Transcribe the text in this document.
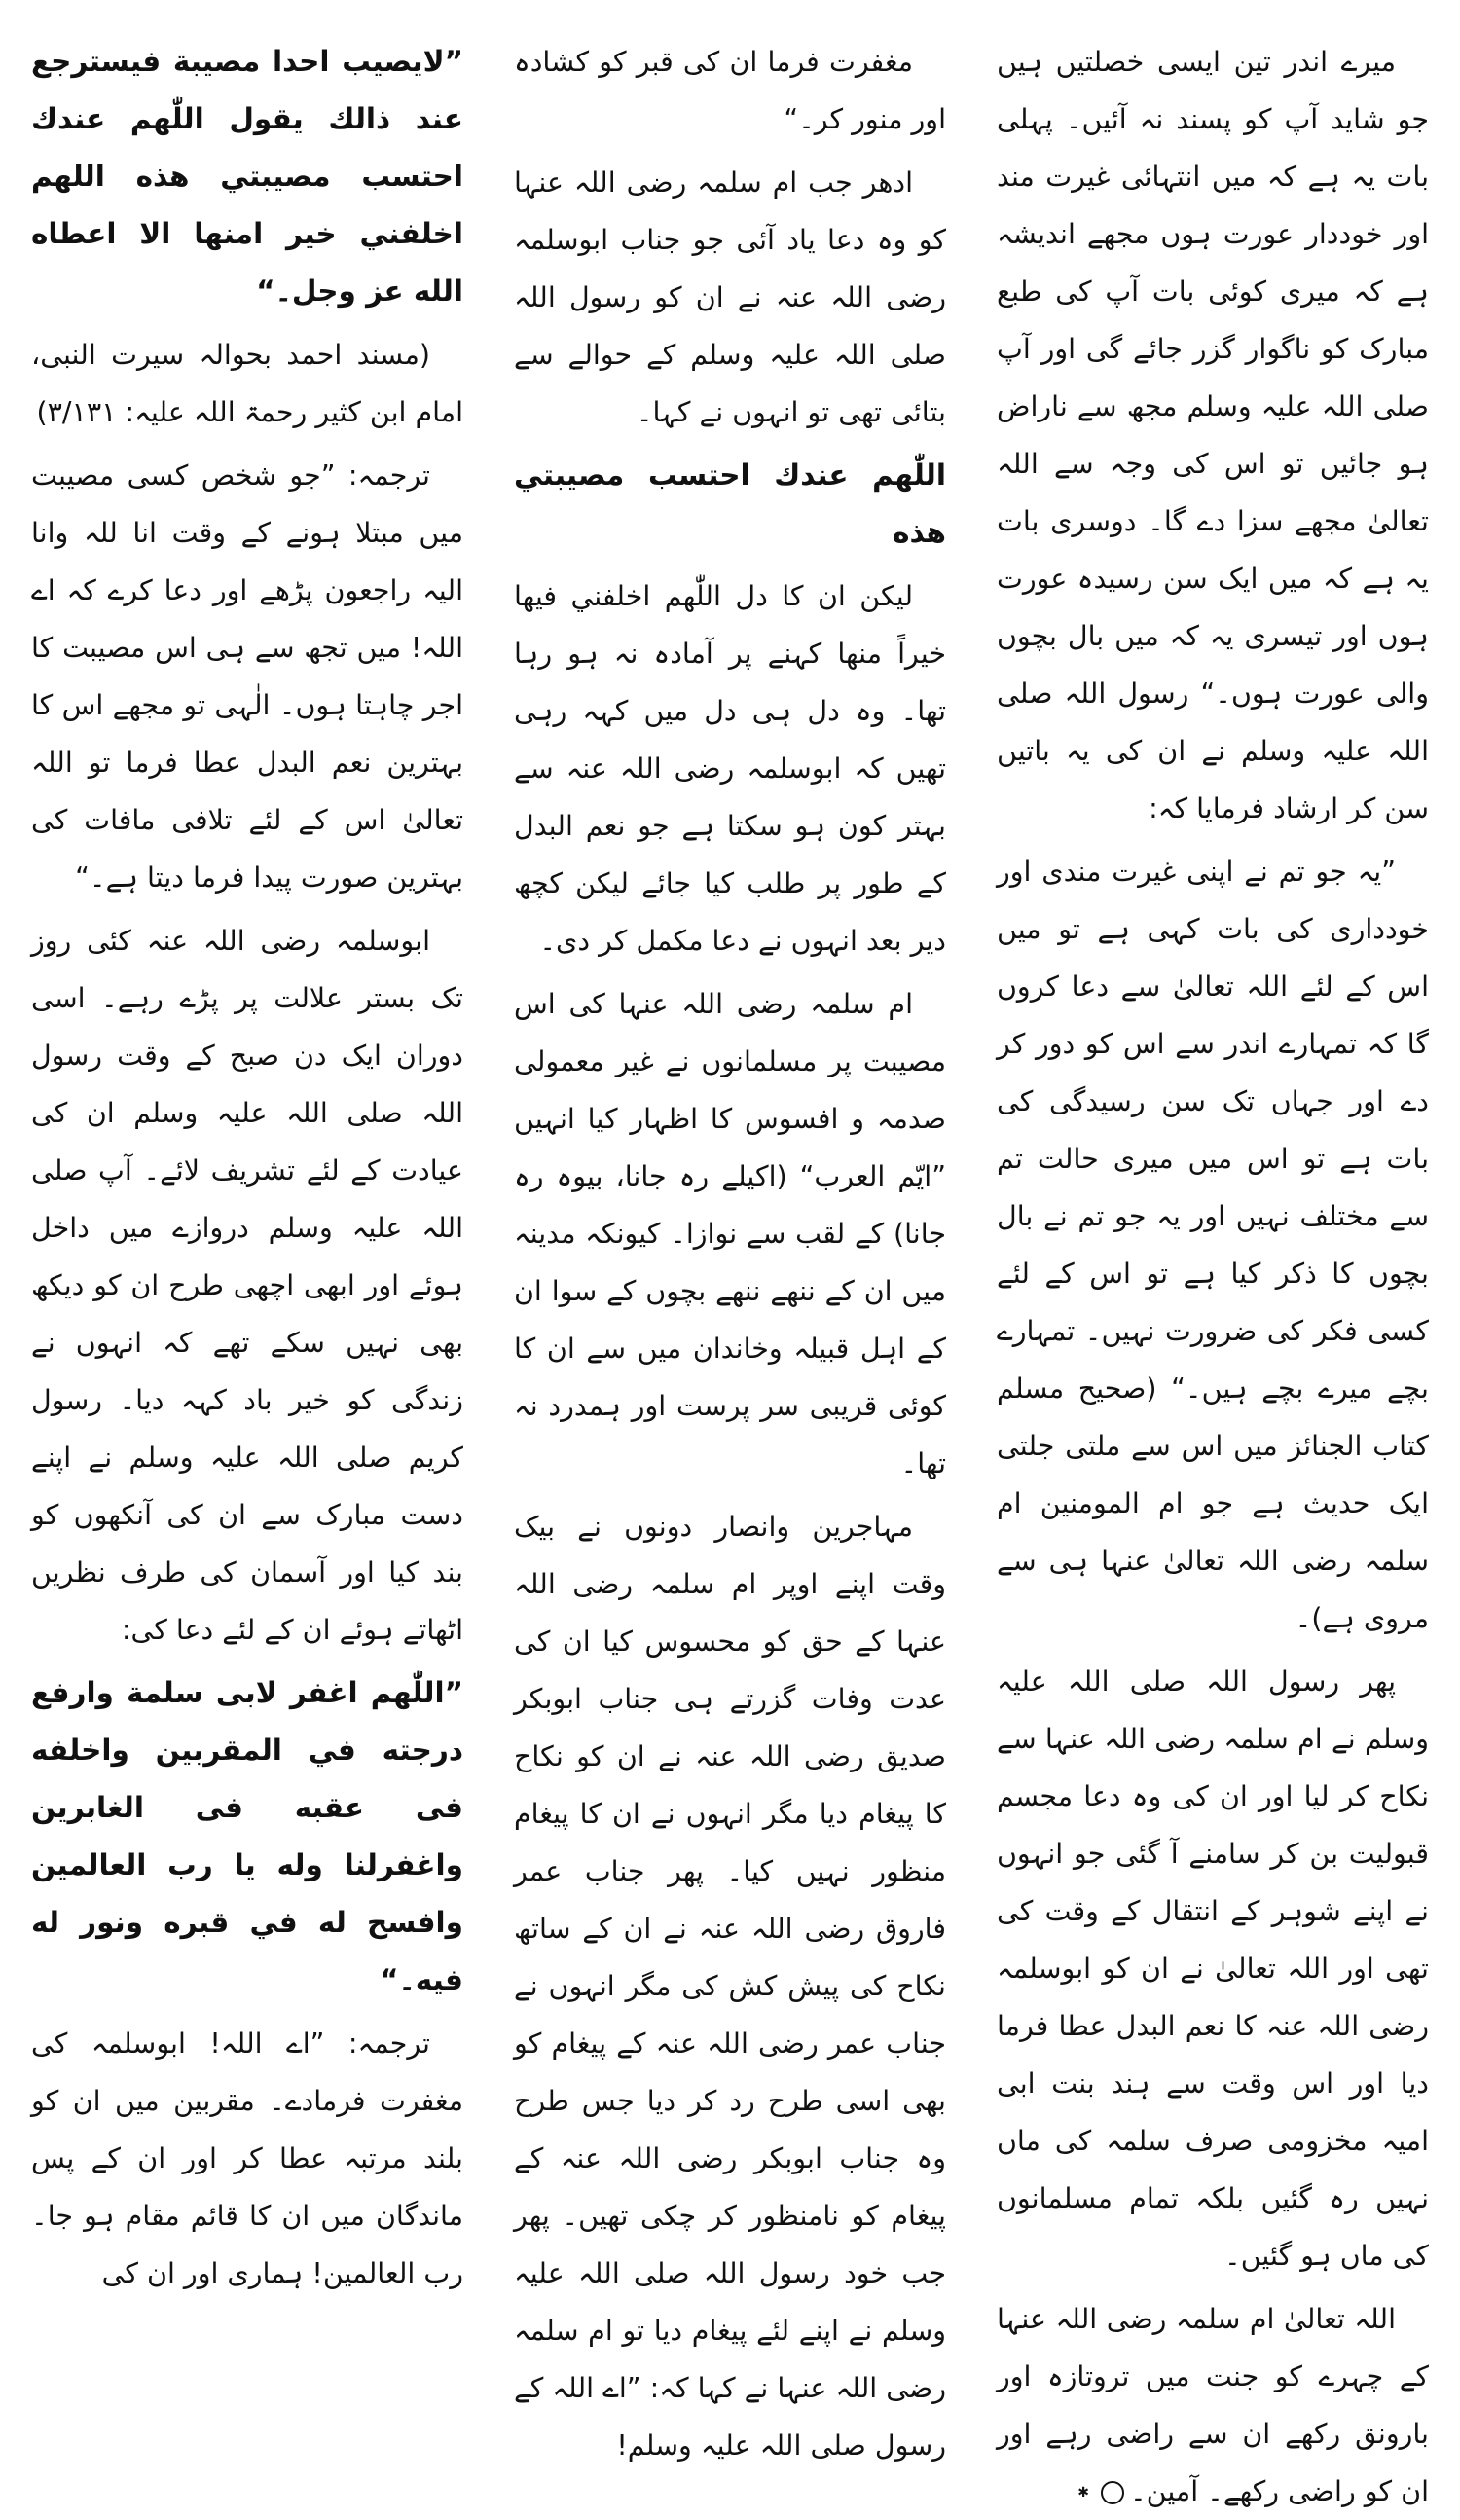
”لايصيب احدا مصيبة فيسترجع عند ذالك يقول اللّٰهم عندك احتسب مصيبتي هذه اللهم اخلفني خير امنها الا اعطاه الله عز وجل۔“

(مسند احمد بحوالہ سیرت النبی، امام ابن کثیر رحمۃ اللہ علیہ: ۳/۱۳۱)

ترجمہ: ”جو شخص کسی مصیبت میں مبتلا ہونے کے وقت انا للہ وانا الیہ راجعون پڑھے اور دعا کرے کہ اے اللہ! میں تجھ سے ہی اس مصیبت کا اجر چاہتا ہوں۔ الٰہی تو مجھے اس کا بہترین نعم البدل عطا فرما تو اللہ تعالیٰ اس کے لئے تلافی مافات کی بہترین صورت پیدا فرما دیتا ہے۔“

ابوسلمہ رضی اللہ عنہ کئی روز تک بستر علالت پر پڑے رہے۔ اسی دوران ایک دن صبح کے وقت رسول اللہ صلی اللہ علیہ وسلم ان کی عیادت کے لئے تشریف لائے۔ آپ صلی اللہ علیہ وسلم دروازے میں داخل ہوئے اور ابھی اچھی طرح ان کو دیکھ بھی نہیں سکے تھے کہ انہوں نے زندگی کو خیر باد کہہ دیا۔ رسول کریم صلی اللہ علیہ وسلم نے اپنے دست مبارک سے ان کی آنکھوں کو بند کیا اور آسمان کی طرف نظریں اٹھاتے ہوئے ان کے لئے دعا کی:

”اللّٰهم اغفر لابى سلمة وارفع درجته في المقربين واخلفه فى عقبه فى الغابرين واغفرلنا وله يا رب العالمين وافسح له في قبره ونور له فيه۔“

ترجمہ: ”اے اللہ! ابوسلمہ کی مغفرت فرمادے۔ مقربین میں ان کو بلند مرتبہ عطا کر اور ان کے پس ماندگان میں ان کا قائم مقام ہو جا۔ رب العالمین! ہماری اور ان کی

مغفرت فرما ان کی قبر کو کشادہ اور منور کر۔“

ادھر جب ام سلمہ رضی اللہ عنہا کو وہ دعا یاد آئی جو جناب ابوسلمہ رضی اللہ عنہ نے ان کو رسول اللہ صلی اللہ علیہ وسلم کے حوالے سے بتائی تھی تو انہوں نے کہا۔

اللّٰهم عندك احتسب مصيبتي هذه

لیکن ان کا دل اللّٰهم اخلفني فيها خيراً منها کہنے پر آمادہ نہ ہو رہا تھا۔ وہ دل ہی دل میں کہہ رہی تھیں کہ ابوسلمہ رضی اللہ عنہ سے بہتر کون ہو سکتا ہے جو نعم البدل کے طور پر طلب کیا جائے لیکن کچھ دیر بعد انہوں نے دعا مکمل کر دی۔

ام سلمہ رضی اللہ عنہا کی اس مصیبت پر مسلمانوں نے غیر معمولی صدمہ و افسوس کا اظہار کیا انہیں ”ایّم العرب“ (اکیلے رہ جانا، بیوہ رہ جانا) کے لقب سے نوازا۔ کیونکہ مدینہ میں ان کے ننھے ننھے بچوں کے سوا ان کے اہل قبیلہ وخاندان میں سے ان کا کوئی قریبی سر پرست اور ہمدرد نہ تھا۔

مہاجرین وانصار دونوں نے بیک وقت اپنے اوپر ام سلمہ رضی اللہ عنہا کے حق کو محسوس کیا ان کی عدت وفات گزرتے ہی جناب ابوبکر صدیق رضی اللہ عنہ نے ان کو نکاح کا پیغام دیا مگر انہوں نے ان کا پیغام منظور نہیں کیا۔ پھر جناب عمر فاروق رضی اللہ عنہ نے ان کے ساتھ نکاح کی پیش کش کی مگر انہوں نے جناب عمر رضی اللہ عنہ کے پیغام کو بھی اسی طرح رد کر دیا جس طرح وہ جناب ابوبکر رضی اللہ عنہ کے پیغام کو نامنظور کر چکی تھیں۔ پھر جب خود رسول اللہ صلی اللہ علیہ وسلم نے اپنے لئے پیغام دیا تو ام سلمہ رضی اللہ عنہا نے کہا کہ: ”اے اللہ کے رسول صلی اللہ علیہ وسلم!

میرے اندر تین ایسی خصلتیں ہیں جو شاید آپ کو پسند نہ آئیں۔ پہلی بات یہ ہے کہ میں انتہائی غیرت مند اور خوددار عورت ہوں مجھے اندیشہ ہے کہ میری کوئی بات آپ کی طبع مبارک کو ناگوار گزر جائے گی اور آپ صلی اللہ علیہ وسلم مجھ سے ناراض ہو جائیں تو اس کی وجہ سے اللہ تعالیٰ مجھے سزا دے گا۔ دوسری بات یہ ہے کہ میں ایک سن رسیدہ عورت ہوں اور تیسری یہ کہ میں بال بچوں والی عورت ہوں۔“ رسول اللہ صلی اللہ علیہ وسلم نے ان کی یہ باتیں سن کر ارشاد فرمایا کہ:

”یہ جو تم نے اپنی غیرت مندی اور خودداری کی بات کہی ہے تو میں اس کے لئے اللہ تعالیٰ سے دعا کروں گا کہ تمہارے اندر سے اس کو دور کر دے اور جہاں تک سن رسیدگی کی بات ہے تو اس میں میری حالت تم سے مختلف نہیں اور یہ جو تم نے بال بچوں کا ذکر کیا ہے تو اس کے لئے کسی فکر کی ضرورت نہیں۔ تمہارے بچے میرے بچے ہیں۔“ (صحیح مسلم کتاب الجنائز میں اس سے ملتی جلتی ایک حدیث ہے جو ام المومنین ام سلمہ رضی اللہ تعالیٰ عنہا ہی سے مروی ہے)۔

پھر رسول اللہ صلی اللہ علیہ وسلم نے ام سلمہ رضی اللہ عنہا سے نکاح کر لیا اور ان کی وہ دعا مجسم قبولیت بن کر سامنے آ گئی جو انہوں نے اپنے شوہر کے انتقال کے وقت کی تھی اور اللہ تعالیٰ نے ان کو ابوسلمہ رضی اللہ عنہ کا نعم البدل عطا فرما دیا اور اس وقت سے ہند بنت ابی امیہ مخزومی صرف سلمہ کی ماں نہیں رہ گئیں بلکہ تمام مسلمانوں کی ماں ہو گئیں۔

اللہ تعالیٰ ام سلمہ رضی اللہ عنہا کے چہرے کو جنت میں تروتازہ اور بارونق رکھے ان سے راضی رہے اور ان کو راضی رکھے۔ آمین۔✱
